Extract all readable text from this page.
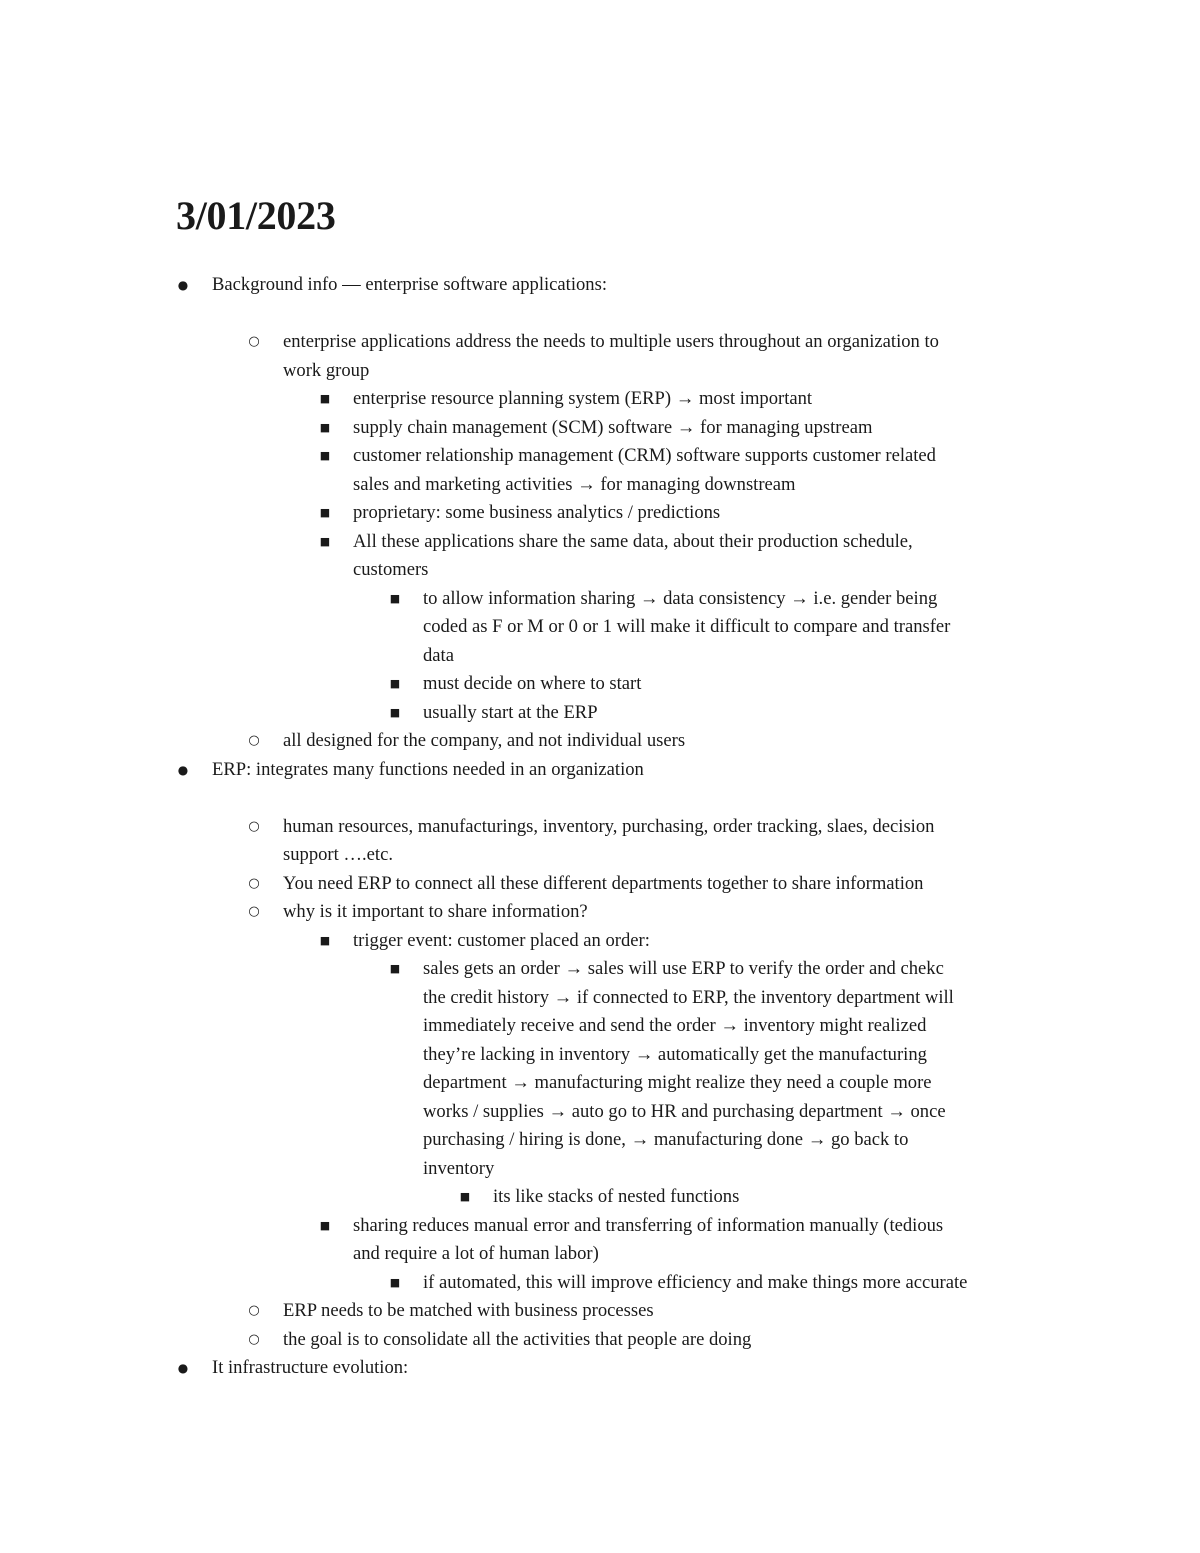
3/01/2023
● Background info — enterprise software applications:
○ enterprise applications address the needs to multiple users throughout an organization to
work group
■ enterprise resource planning system (ERP) → most important
■ supply chain management (SCM) software → for managing upstream
■ customer relationship management (CRM) software supports customer related
sales and marketing activities → for managing downstream
■ proprietary: some business analytics / predictions
■ All these applications share the same data, about their production schedule,
customers
■ to allow information sharing → data consistency → i.e. gender being
coded as F or M or 0 or 1 will make it difficult to compare and transfer
data
■ must decide on where to start
■ usually start at the ERP
○ all designed for the company, and not individual users
● ERP: integrates many functions needed in an organization
○ human resources, manufacturings, inventory, purchasing, order tracking, slaes, decision
support ….etc.
○ You need ERP to connect all these different departments together to share information
○ why is it important to share information?
■ trigger event: customer placed an order:
■ sales gets an order → sales will use ERP to verify the order and chekc
the credit history → if connected to ERP, the inventory department will
immediately receive and send the order → inventory might realized
they’re lacking in inventory → automatically get the manufacturing
department → manufacturing might realize they need a couple more
works / supplies → auto go to HR and purchasing department → once
purchasing / hiring is done, → manufacturing done → go back to
inventory
■ its like stacks of nested functions
■ sharing reduces manual error and transferring of information manually (tedious
and require a lot of human labor)
■ if automated, this will improve efficiency and make things more accurate
○ ERP needs to be matched with business processes
○ the goal is to consolidate all the activities that people are doing
● It infrastructure evolution:
